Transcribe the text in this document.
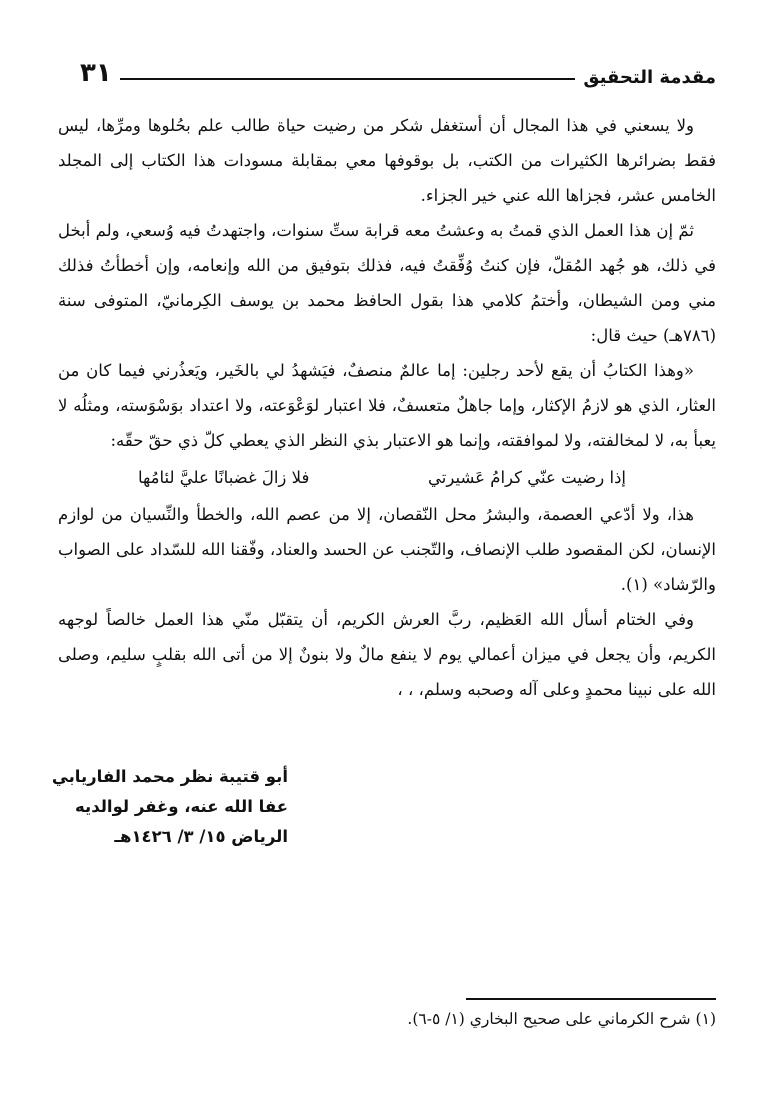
مقدمة التحقيق
٣١

ولا يسعني في هذا المجال أن أستغفل شكر من رضيت حياة طالب علم بحُلوها ومرِّها، ليس فقط بضرائرها الكثيرات من الكتب، بل بوقوفها معي بمقابلة مسودات هذا الكتاب إلى المجلد الخامس عشر، فجزاها الله عني خير الجزاء.

ثمّ إن هذا العمل الذي قمتُ به وعشتُ معه قرابة ستِّ سنوات، واجتهدتُ فيه وُسعي، ولم أبخل في ذلك، هو جُهد المُقلّ، فإن كنتُ وُفِّقتُ فيه، فذلك بتوفيق من الله وإنعامه، وإن أخطأتُ فذلك مني ومن الشيطان، وأختمُ كلامي هذا بقول الحافظ محمد بن يوسف الكِرمانيّ، المتوفى سنة (٧٨٦هـ) حيث قال:

«وهذا الكتابُ أن يقع لأحد رجلين: إما عالمٌ منصفٌ، فيَشهدُ لي بالخَير، ويَعذُرني فيما كان من العثار، الذي هو لازمُ الإكثار، وإما جاهلٌ متعسفٌ، فلا اعتبار لوَعْوَعته، ولا اعتداد بوَسْوَسته، ومثلُه لا يعبأ به، لا لمخالفته، ولا لموافقته، وإنما هو الاعتبار بذي النظر الذي يعطي كلّ ذي حقّ حقّه:

إذا رضيت عنّي كرامُ عَشيرتي
فلا زالَ غضبانًا عليَّ لئامُها

هذا، ولا أدّعي العصمة، والبشرُ محل النّقصان، إلا من عصم الله، والخطأ والنِّسيان من لوازم الإنسان، لكن المقصود طلب الإنصاف، والتّجنب عن الحسد والعناد، وفّقنا الله للسّداد على الصواب والرّشاد» (١).

وفي الختام أسأل الله العَظيم، ربَّ العرش الكريم، أن يتقبّل منّي هذا العمل خالصاً لوجهه الكريم، وأن يجعل في ميزان أعمالي يوم لا ينفع مالٌ ولا بنونٌ إلا من أتى الله بقلبٍ سليم، وصلى الله على نبينا محمدٍ وعلى آله وصحبه وسلم، ، ،

أبو قتيبة نظر محمد الفاريابي
عفا الله عنه، وغفر لوالديه
الرياض ١٥/ ٣/ ١٤٢٦هـ
(١) شرح الكرماني على صحيح البخاري (١/ ٥-٦).
